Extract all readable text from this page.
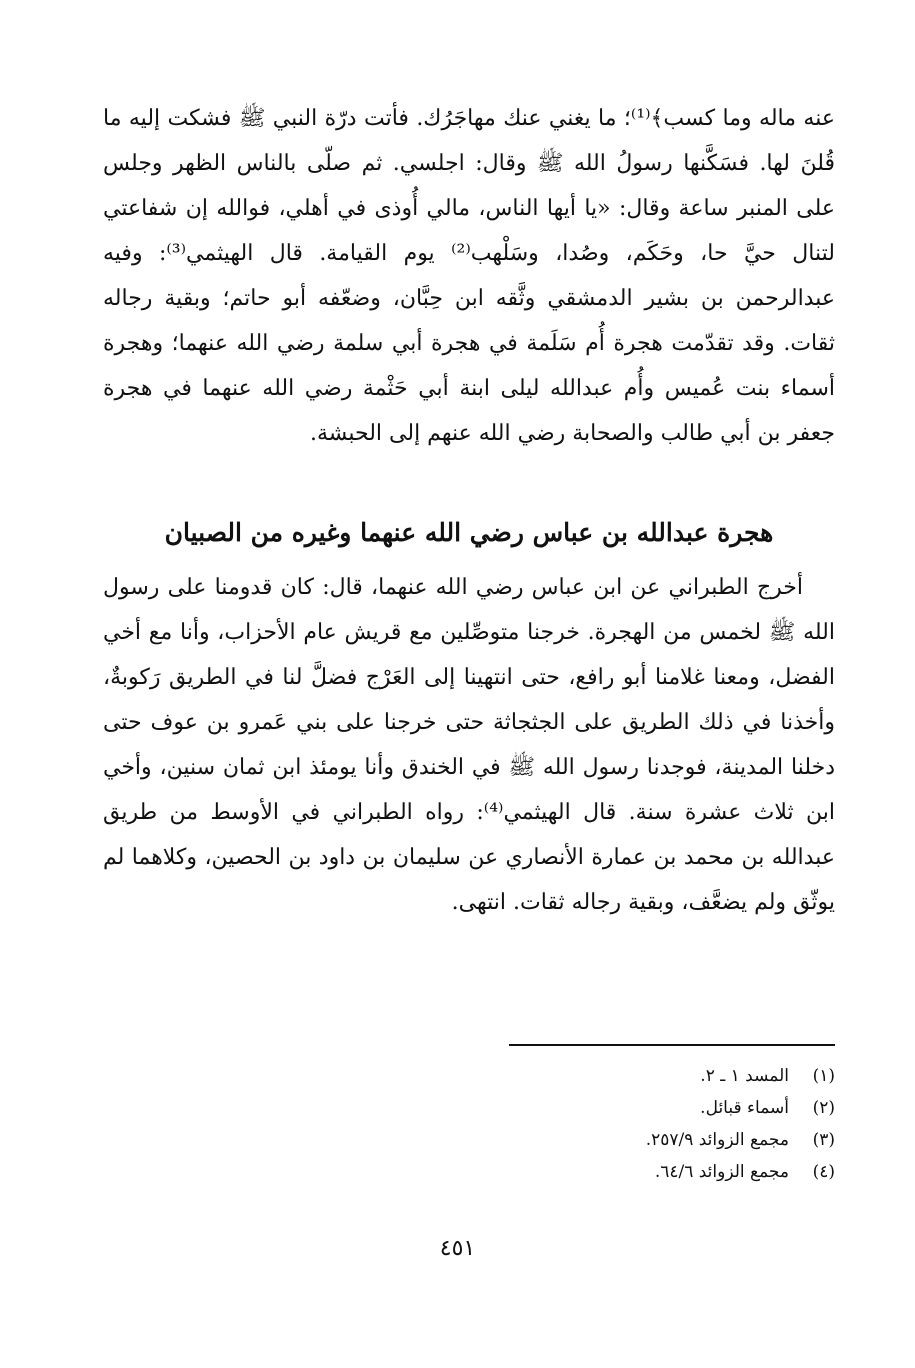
عنه ماله وما كسب﴾⁽¹⁾؛ ما يغني عنك مهاجَرُك. فأتت درّة النبي ﷺ فشكت إليه ما قُلنَ لها. فسَكَّنها رسولُ الله ﷺ وقال: اجلسي. ثم صلّى بالناس الظهر وجلس على المنبر ساعة وقال: «يا أيها الناس، مالي أُوذى في أهلي، فوالله إن شفاعتي لتنال حيَّ حا، وحَكَم، وصُدا، وسَلْهب⁽²⁾ يوم القيامة. قال الهيثمي⁽³⁾: وفيه عبدالرحمن بن بشير الدمشقي وثَّقه ابن حِبَّان، وضعّفه أبو حاتم؛ وبقية رجاله ثقات. وقد تقدّمت هجرة أُم سَلَمة في هجرة أبي سلمة رضي الله عنهما؛ وهجرة أسماء بنت عُميس وأُم عبدالله ليلى ابنة أبي حَثْمة رضي الله عنهما في هجرة جعفر بن أبي طالب والصحابة رضي الله عنهم إلى الحبشة.

هجرة عبدالله بن عباس رضي الله عنهما وغيره من الصبيان

أخرج الطبراني عن ابن عباس رضي الله عنهما، قال: كان قدومنا على رسول الله ﷺ لخمس من الهجرة. خرجنا متوصِّلين مع قريش عام الأحزاب، وأنا مع أخي الفضل، ومعنا غلامنا أبو رافع، حتى انتهينا إلى العَرْج فضلَّ لنا في الطريق رَكوبةٌ، وأخذنا في ذلك الطريق على الجثجاثة حتى خرجنا على بني عَمرو بن عوف حتى دخلنا المدينة، فوجدنا رسول الله ﷺ في الخندق وأنا يومئذ ابن ثمان سنين، وأخي ابن ثلاث عشرة سنة. قال الهيثمي⁽⁴⁾: رواه الطبراني في الأوسط من طريق عبدالله بن محمد بن عمارة الأنصاري عن سليمان بن داود بن الحصين، وكلاهما لم يوثّق ولم يضعَّف، وبقية رجاله ثقات. انتهى.

(١)المسد ١ ـ ٢.
(٢)أسماء قبائل.
(٣)مجمع الزوائد ٢٥٧/٩.
(٤)مجمع الزوائد ٦٤/٦.
٤٥١
